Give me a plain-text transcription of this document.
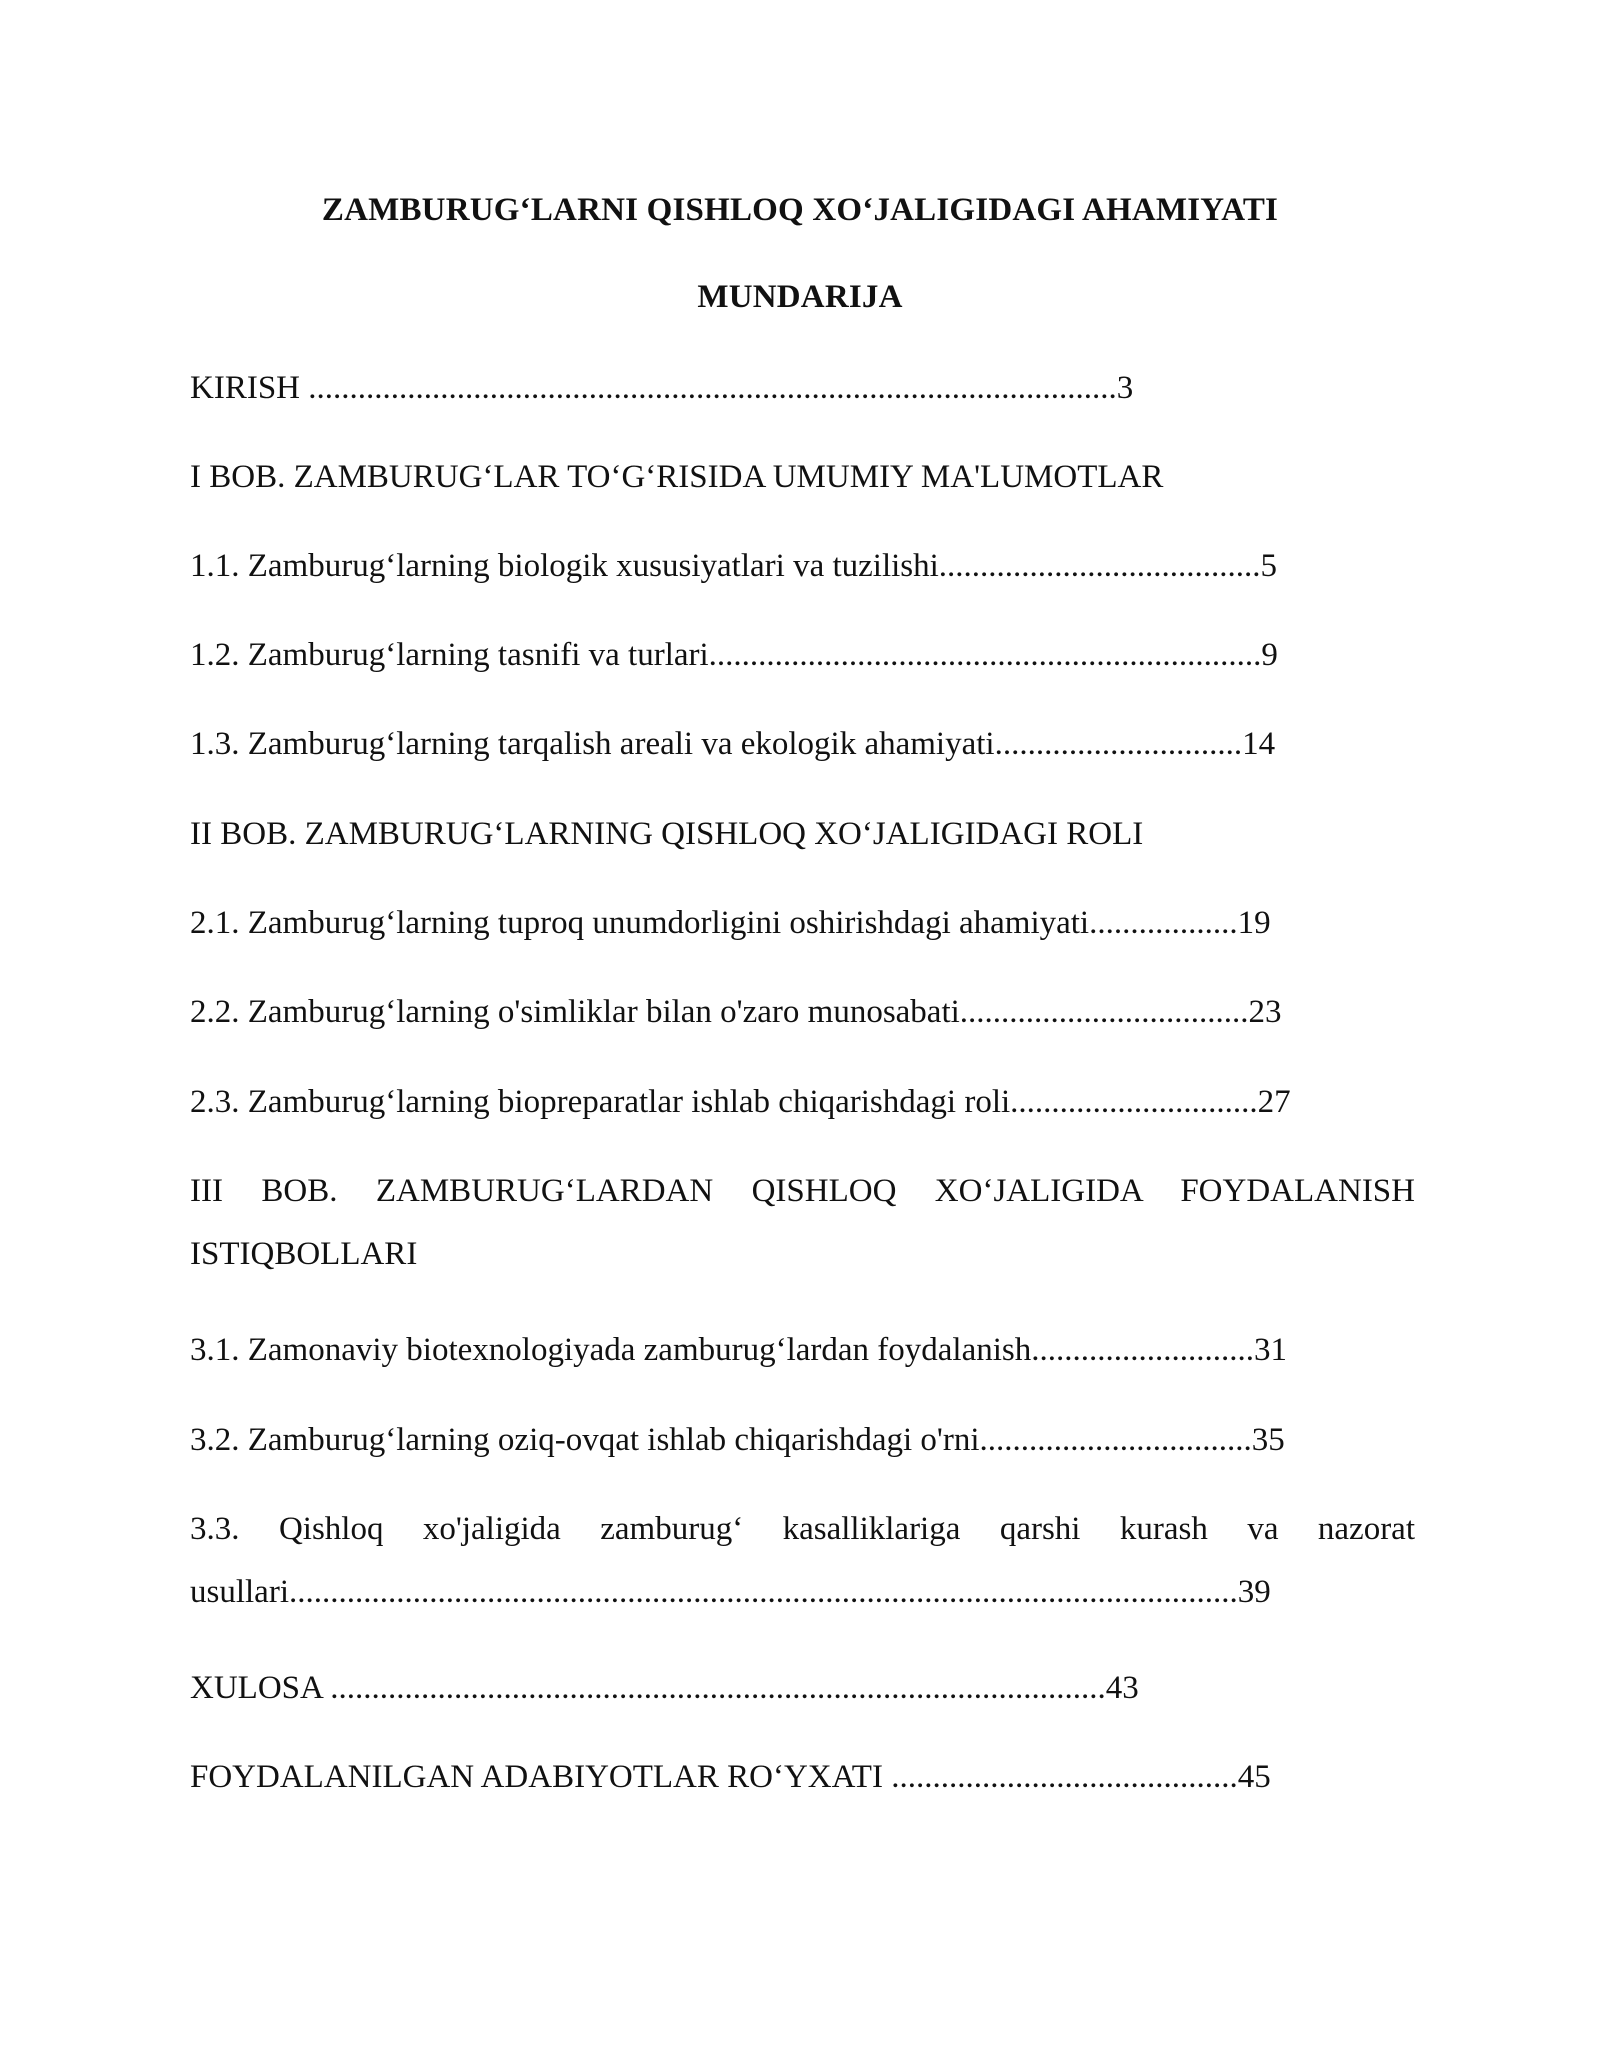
ZAMBURUG‘LARNI QISHLOQ XO‘JALIGIDAGI AHAMIYATI
MUNDARIJA
KIRISH ..................................................................................................3
I BOB. ZAMBURUG‘LAR TO‘G‘RISIDA UMUMIY MA'LUMOTLAR
1.1. Zamburug‘larning biologik xususiyatlari va tuzilishi.......................................5
1.2. Zamburug‘larning tasnifi va turlari...................................................................9
1.3. Zamburug‘larning tarqalish areali va ekologik ahamiyati..............................14
II BOB. ZAMBURUG‘LARNING QISHLOQ XO‘JALIGIDAGI ROLI
2.1. Zamburug‘larning tuproq unumdorligini oshirishdagi ahamiyati..................19
2.2. Zamburug‘larning o'simliklar bilan o'zaro munosabati...................................23
2.3. Zamburug‘larning biopreparatlar ishlab chiqarishdagi roli..............................27
III BOB. ZAMBURUG‘LARDAN QISHLOQ XO‘JALIGIDA FOYDALANISH ISTIQBOLLARI
3.1. Zamonaviy biotexnologiyada zamburug‘lardan foydalanish...........................31
3.2. Zamburug‘larning oziq-ovqat ishlab chiqarishdagi o'rni.................................35
3.3. Qishloq xo'jaligida zamburug‘ kasalliklariga qarshi kurash va nazorat usullari...................................................................................................................39
XULOSA ..............................................................................................43
FOYDALANILGAN ADABIYOTLAR RO‘YXATI ..........................................45
